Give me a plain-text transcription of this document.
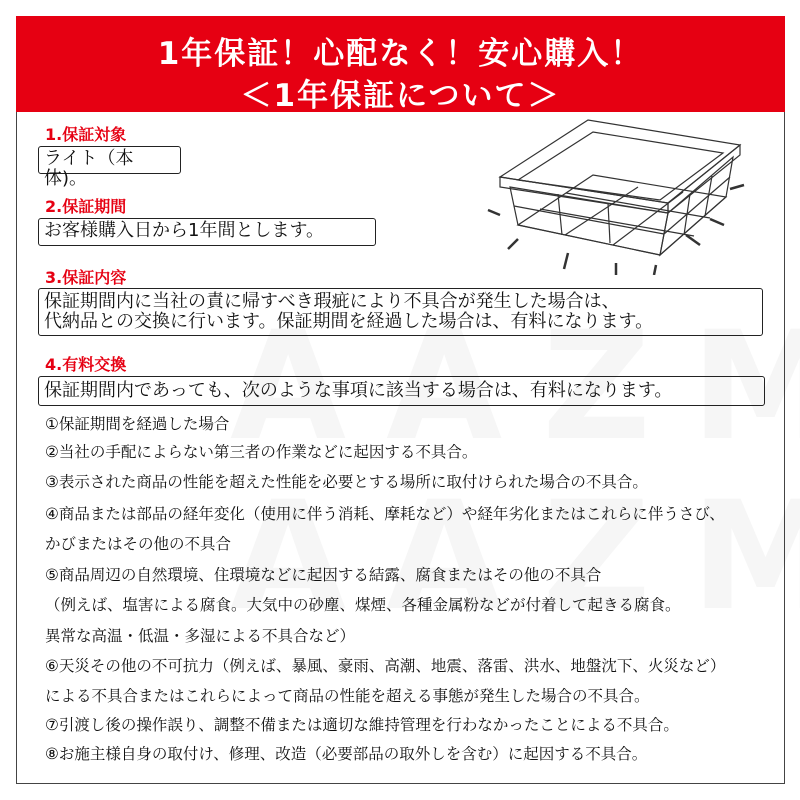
1年保証！心配なく！安心購入！
＜1年保証について＞
1.保証対象
ライト（本体)。
2.保証期間
お客様購入日から1年間とします。
3.保証内容
保証期間内に当社の責に帰すべき瑕疵により不具合が発生した場合は、
代納品との交換に行います。保証期間を経過した場合は、有料になります。
4.有料交換
保証期間内であっても、次のような事項に該当する場合は、有料になります。
①保証期間を経過した場合
②当社の手配によらない第三者の作業などに起因する不具合。
③表示された商品の性能を超えた性能を必要とする場所に取付けられた場合の不具合。
④商品または部品の経年変化（使用に伴う消耗、摩耗など）や経年劣化またはこれらに伴うさび、
かびまたはその他の不具合
⑤商品周辺の自然環境、住環境などに起因する結露、腐食またはその他の不具合
（例えば、塩害による腐食。大気中の砂塵、煤煙、各種金属粉などが付着して起きる腐食。
異常な高温・低温・多湿による不具合など）
⑥天災その他の不可抗力（例えば、暴風、豪雨、高潮、地震、落雷、洪水、地盤沈下、火災など）
による不具合またはこれらによって商品の性能を超える事態が発生した場合の不具合。
⑦引渡し後の操作誤り、調整不備または適切な維持管理を行わなかったことによる不具合。
⑧お施主様自身の取付け、修理、改造（必要部品の取外しを含む）に起因する不具合。
